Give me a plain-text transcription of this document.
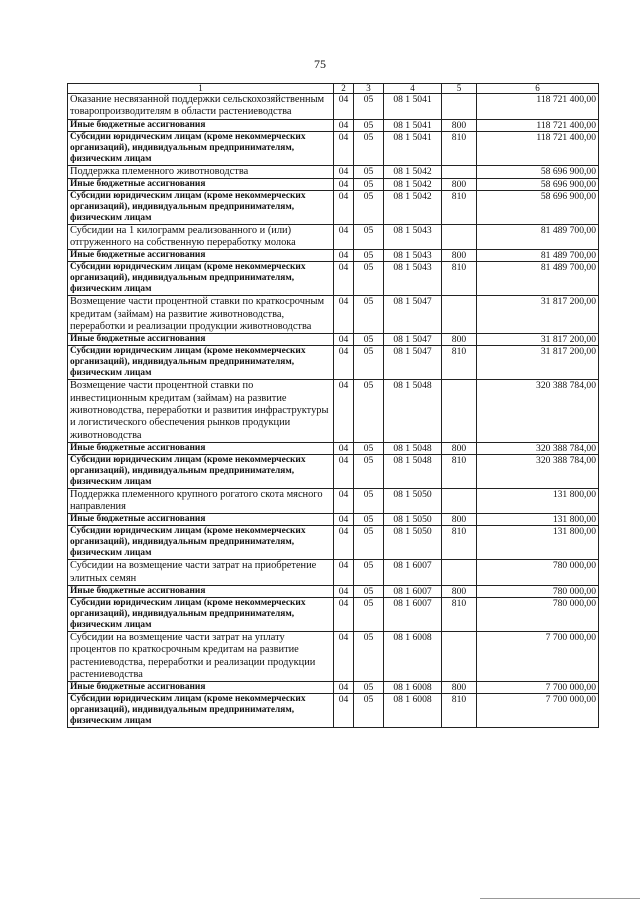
75
1	2	3	4	5	6
Оказание несвязанной поддержки сельскохозяйственным товаропроизводителям в области растениеводства	04	05	08 1 5041		118 721 400,00
Иные бюджетные ассигнования	04	05	08 1 5041	800	118 721 400,00
Субсидии юридическим лицам (кроме некоммерческих организаций), индивидуальным предпринимателям, физическим лицам	04	05	08 1 5041	810	118 721 400,00
Поддержка племенного животноводства	04	05	08 1 5042		58 696 900,00
Иные бюджетные ассигнования	04	05	08 1 5042	800	58 696 900,00
Субсидии юридическим лицам (кроме некоммерческих организаций), индивидуальным предпринимателям, физическим лицам	04	05	08 1 5042	810	58 696 900,00
Субсидии на 1 килограмм реализованного и (или) отгруженного на собственную переработку молока	04	05	08 1 5043		81 489 700,00
Иные бюджетные ассигнования	04	05	08 1 5043	800	81 489 700,00
Субсидии юридическим лицам (кроме некоммерческих организаций), индивидуальным предпринимателям, физическим лицам	04	05	08 1 5043	810	81 489 700,00
Возмещение части процентной ставки по краткосрочным кредитам (займам) на развитие животноводства, переработки и реализации продукции животноводства	04	05	08 1 5047		31 817 200,00
Иные бюджетные ассигнования	04	05	08 1 5047	800	31 817 200,00
Субсидии юридическим лицам (кроме некоммерческих организаций), индивидуальным предпринимателям, физическим лицам	04	05	08 1 5047	810	31 817 200,00
Возмещение части процентной ставки по инвестиционным кредитам (займам) на развитие животноводства, переработки и развития инфраструктуры и логистического обеспечения рынков продукции животноводства	04	05	08 1 5048		320 388 784,00
Иные бюджетные ассигнования	04	05	08 1 5048	800	320 388 784,00
Субсидии юридическим лицам (кроме некоммерческих организаций), индивидуальным предпринимателям, физическим лицам	04	05	08 1 5048	810	320 388 784,00
Поддержка племенного крупного рогатого скота мясного направления	04	05	08 1 5050		131 800,00
Иные бюджетные ассигнования	04	05	08 1 5050	800	131 800,00
Субсидии юридическим лицам (кроме некоммерческих организаций), индивидуальным предпринимателям, физическим лицам	04	05	08 1 5050	810	131 800,00
Субсидии на возмещение части затрат на приобретение элитных семян	04	05	08 1 6007		780 000,00
Иные бюджетные ассигнования	04	05	08 1 6007	800	780 000,00
Субсидии юридическим лицам (кроме некоммерческих организаций), индивидуальным предпринимателям, физическим лицам	04	05	08 1 6007	810	780 000,00
Субсидии на возмещение части затрат на уплату процентов по краткосрочным кредитам на развитие растениеводства, переработки и реализации продукции растениеводства	04	05	08 1 6008		7 700 000,00
Иные бюджетные ассигнования	04	05	08 1 6008	800	7 700 000,00
Субсидии юридическим лицам (кроме некоммерческих организаций), индивидуальным предпринимателям, физическим лицам	04	05	08 1 6008	810	7 700 000,00
